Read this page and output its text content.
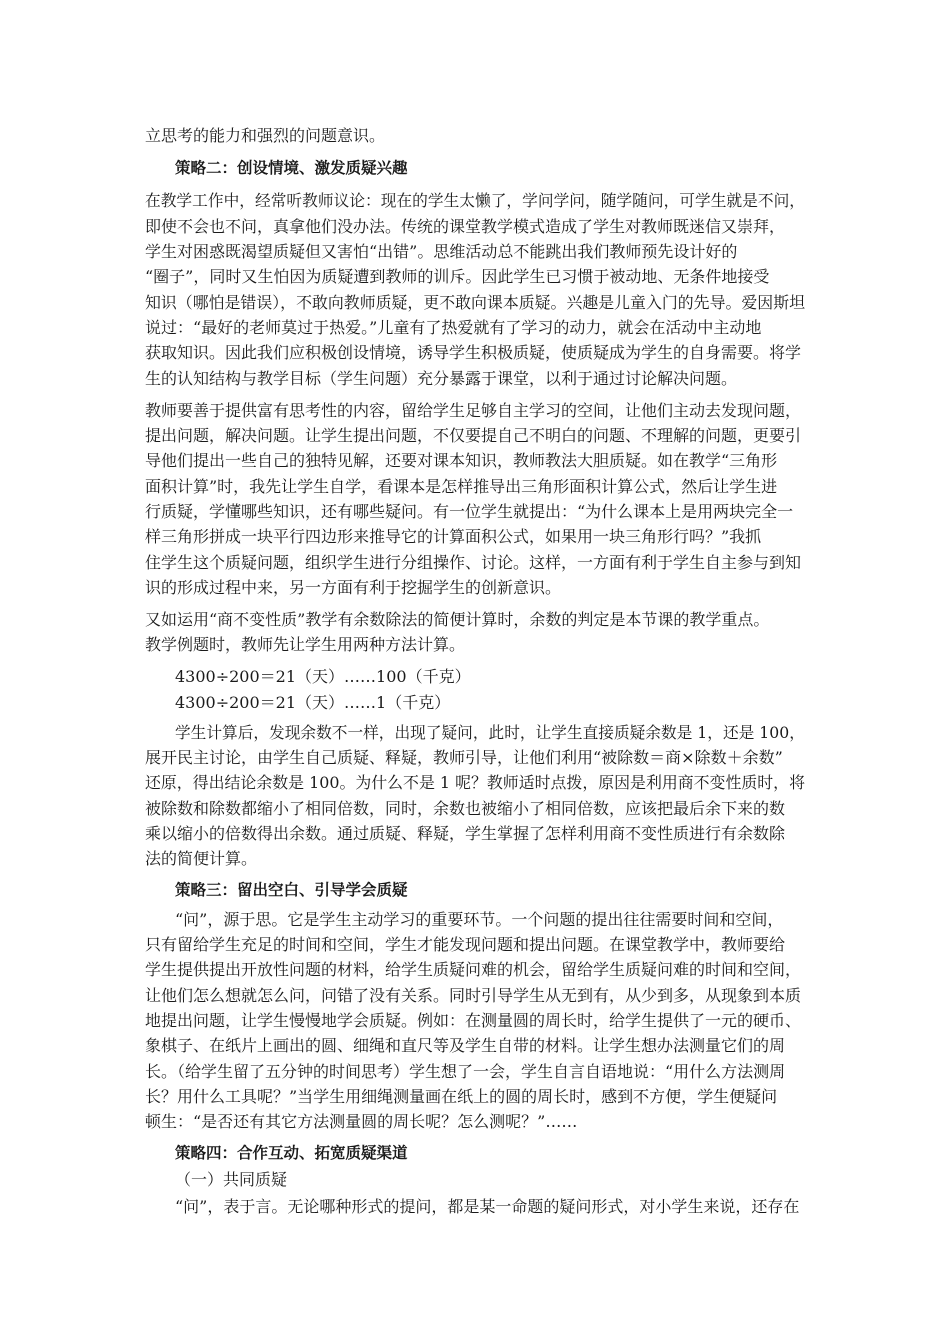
立思考的能力和强烈的问题意识。
策略二：创设情境、激发质疑兴趣
在教学工作中，经常听教师议论：现在的学生太懒了，学问学问，随学随问，可学生就是不问，
即使不会也不问，真拿他们没办法。传统的课堂教学模式造成了学生对教师既迷信又崇拜，
学生对困惑既渴望质疑但又害怕“出错”。思维活动总不能跳出我们教师预先设计好的
“圈子”，同时又生怕因为质疑遭到教师的训斥。因此学生已习惯于被动地、无条件地接受
知识（哪怕是错误），不敢向教师质疑，更不敢向课本质疑。兴趣是儿童入门的先导。爱因斯坦
说过：“最好的老师莫过于热爱。”儿童有了热爱就有了学习的动力，就会在活动中主动地
获取知识。因此我们应积极创设情境，诱导学生积极质疑，使质疑成为学生的自身需要。将学
生的认知结构与教学目标（学生问题）充分暴露于课堂，以利于通过讨论解决问题。
教师要善于提供富有思考性的内容，留给学生足够自主学习的空间，让他们主动去发现问题，
提出问题，解决问题。让学生提出问题，不仅要提自己不明白的问题、不理解的问题，更要引
导他们提出一些自己的独特见解，还要对课本知识，教师教法大胆质疑。如在教学“三角形
面积计算”时，我先让学生自学，看课本是怎样推导出三角形面积计算公式，然后让学生进
行质疑，学懂哪些知识，还有哪些疑问。有一位学生就提出：“为什么课本上是用两块完全一
样三角形拼成一块平行四边形来推导它的计算面积公式，如果用一块三角形行吗？”我抓
住学生这个质疑问题，组织学生进行分组操作、讨论。这样，一方面有利于学生自主参与到知
识的形成过程中来，另一方面有利于挖掘学生的创新意识。
又如运用“商不变性质”教学有余数除法的简便计算时，余数的判定是本节课的教学重点。
教学例题时，教师先让学生用两种方法计算。
4300÷200＝21（天）……100（千克）
4300÷200＝21（天）……1（千克）
学生计算后，发现余数不一样，出现了疑问，此时，让学生直接质疑余数是 1，还是 100，
展开民主讨论，由学生自己质疑、释疑，教师引导，让他们利用“被除数＝商×除数＋余数”
还原，得出结论余数是 100。为什么不是 1 呢？教师适时点拨，原因是利用商不变性质时，将
被除数和除数都缩小了相同倍数，同时，余数也被缩小了相同倍数，应该把最后余下来的数
乘以缩小的倍数得出余数。通过质疑、释疑，学生掌握了怎样利用商不变性质进行有余数除
法的简便计算。
策略三：留出空白、引导学会质疑
“问”，源于思。它是学生主动学习的重要环节。一个问题的提出往往需要时间和空间，
只有留给学生充足的时间和空间，学生才能发现问题和提出问题。在课堂教学中，教师要给
学生提供提出开放性问题的材料，给学生质疑问难的机会，留给学生质疑问难的时间和空间，
让他们怎么想就怎么问，问错了没有关系。同时引导学生从无到有，从少到多，从现象到本质
地提出问题，让学生慢慢地学会质疑。例如：在测量圆的周长时，给学生提供了一元的硬币、
象棋子、在纸片上画出的圆、细绳和直尺等及学生自带的材料。让学生想办法测量它们的周
长。（给学生留了五分钟的时间思考）学生想了一会，学生自言自语地说：“用什么方法测周
长？用什么工具呢？”当学生用细绳测量画在纸上的圆的周长时，感到不方便，学生便疑问
顿生：“是否还有其它方法测量圆的周长呢？怎么测呢？”……
策略四：合作互动、拓宽质疑渠道
（一）共同质疑
“问”，表于言。无论哪种形式的提问，都是某一命题的疑问形式，对小学生来说，还存在
